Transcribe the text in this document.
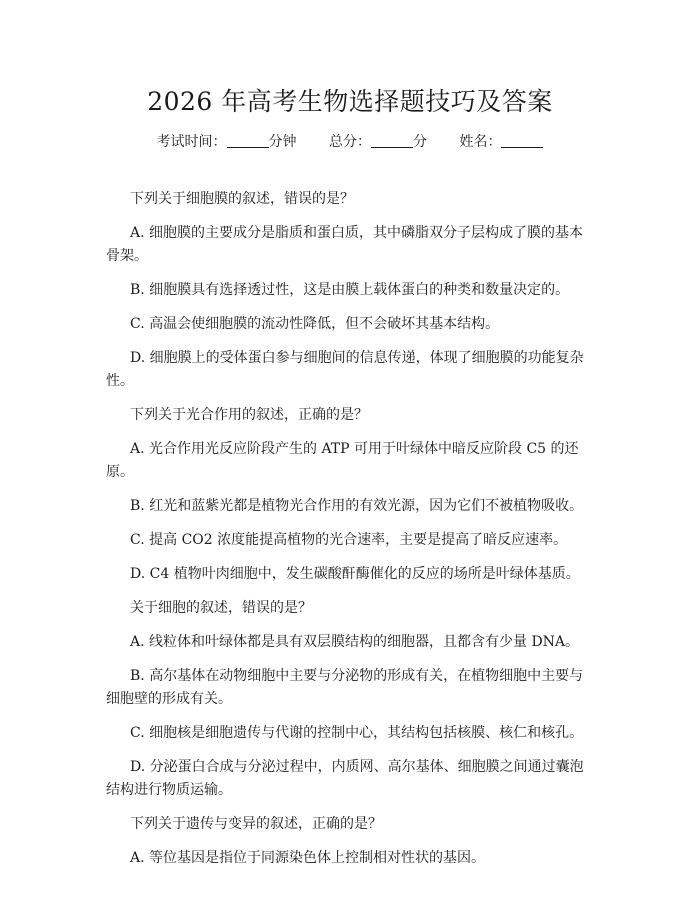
2026 年高考生物选择题技巧及答案
考试时间：	分钟 总分：	分 姓名：

下列关于细胞膜的叙述，错误的是？

A. 细胞膜的主要成分是脂质和蛋白质，其中磷脂双分子层构成了膜的基本骨架。

B. 细胞膜具有选择透过性，这是由膜上载体蛋白的种类和数量决定的。

C. 高温会使细胞膜的流动性降低，但不会破坏其基本结构。

D. 细胞膜上的受体蛋白参与细胞间的信息传递，体现了细胞膜的功能复杂性。

下列关于光合作用的叙述，正确的是？

A. 光合作用光反应阶段产生的 ATP 可用于叶绿体中暗反应阶段 C5 的还原。

B. 红光和蓝紫光都是植物光合作用的有效光源，因为它们不被植物吸收。

C. 提高 CO2 浓度能提高植物的光合速率，主要是提高了暗反应速率。

D. C4 植物叶肉细胞中，发生碳酸酐酶催化的反应的场所是叶绿体基质。

关于细胞的叙述，错误的是？

A. 线粒体和叶绿体都是具有双层膜结构的细胞器，且都含有少量 DNA。

B. 高尔基体在动物细胞中主要与分泌物的形成有关，在植物细胞中主要与细胞壁的形成有关。

C. 细胞核是细胞遗传与代谢的控制中心，其结构包括核膜、核仁和核孔。

D. 分泌蛋白合成与分泌过程中，内质网、高尔基体、细胞膜之间通过囊泡结构进行物质运输。

下列关于遗传与变异的叙述，正确的是？

A. 等位基因是指位于同源染色体上控制相对性状的基因。
